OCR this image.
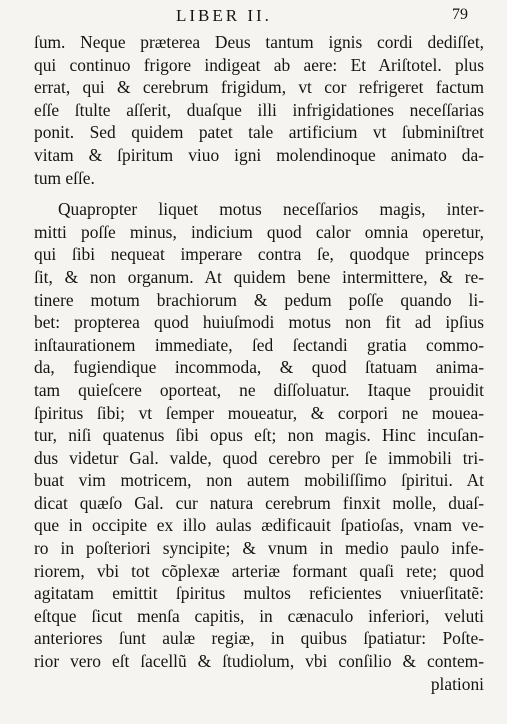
LIBER II.	79
ſum. Neque præterea Deus tantum ignis cordi dediſſet,
qui continuo frigore indigeat ab aere: Et Ariſtotel. plus
errat, qui & cerebrum frigidum, vt cor refrigeret factum
eſſe ſtulte aſſerit, duaſque illi infrigidationes neceſſarias
ponit. Sed quidem patet tale artificium vt ſubminiſtret
vitam & ſpiritum viuo igni molendinoque animato da-
tum eſſe.
Quapropter liquet motus neceſſarios magis, inter-
mitti poſſe minus, indicium quod calor omnia operetur,
qui ſibi nequeat imperare contra ſe, quodque princeps
ſit, & non organum. At quidem bene intermittere, & re-
tinere motum brachiorum & pedum poſſe quando li-
bet: propterea quod huiuſmodi motus non fit ad ipſius
inſtaurationem immediate, ſed ſectandi gratia commo-
da, fugiendique incommoda, & quod ſtatuam anima-
tam quieſcere oporteat, ne diſſoluatur. Itaque prouidit
ſpiritus ſibi; vt ſemper moueatur, & corpori ne mouea-
tur, niſi quatenus ſibi opus eſt; non magis. Hinc incuſan-
dus videtur Gal. valde, quod cerebro per ſe immobili tri-
buat vim motricem, non autem mobiliſſimo ſpiritui. At
dicat quæſo Gal. cur natura cerebrum finxit molle, duaſ-
que in occipite ex illo aulas ædificauit ſpatioſas, vnam ve-
ro in poſteriori syncipite; & vnum in medio paulo infe-
riorem, vbi tot cõplexæ arteriæ formant quaſi rete; quod
agitatam emittit ſpiritus multos reficientes vniuerſitatẽ:
eſtque ſicut menſa capitis, in cænaculo inferiori, veluti
anteriores ſunt aulæ regiæ, in quibus ſpatiatur: Poſte-
rior vero eſt ſacellũ & ſtudiolum, vbi conſilio & contem-
plationi
